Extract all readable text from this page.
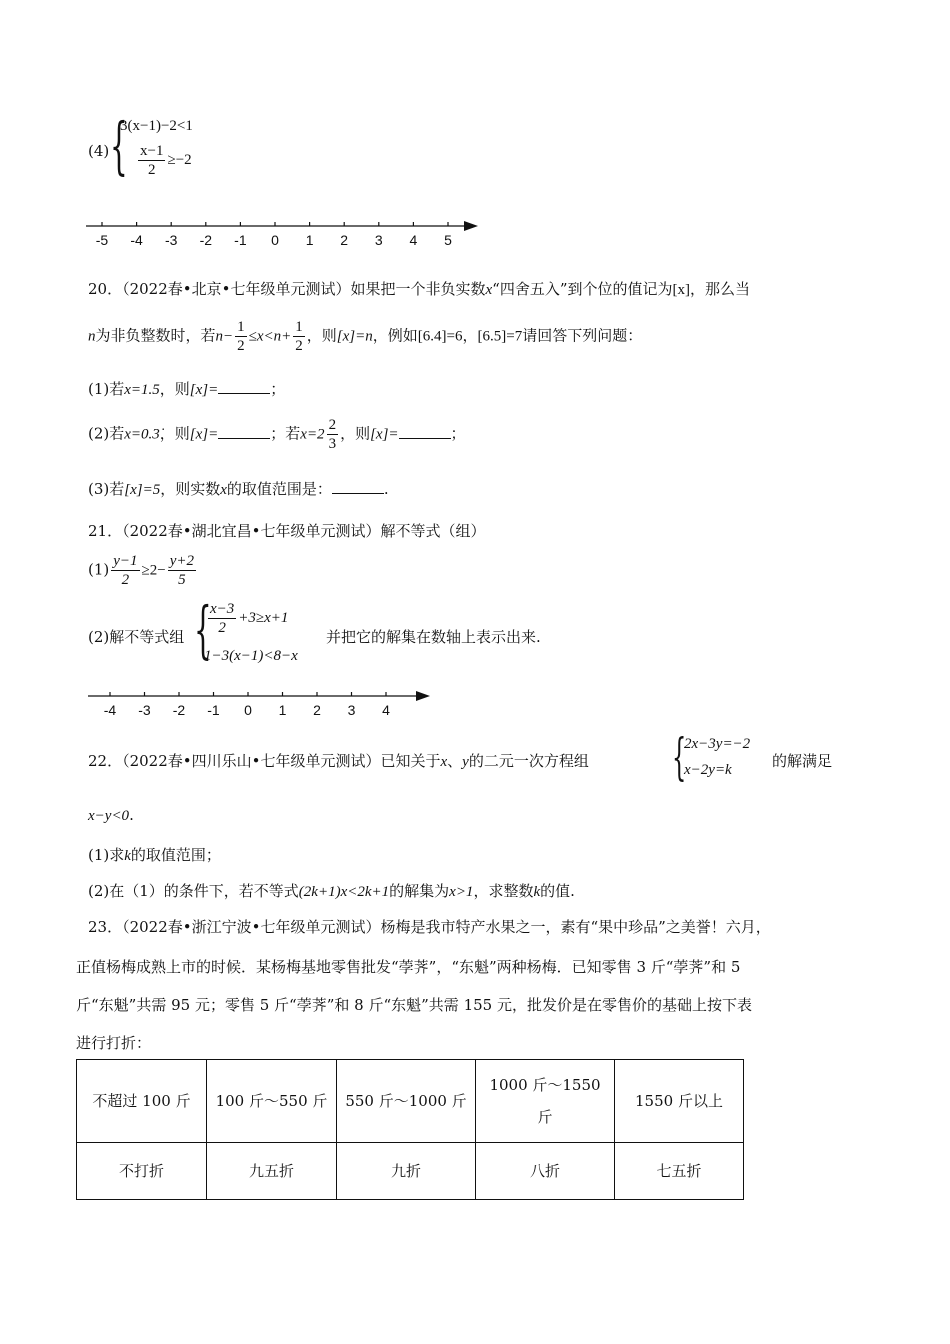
(4) {
3(x−1)−2<1
$\frac{x-1}{2} \ge-2$
-5 -4 -3 -2 -1 0 1 2 3 4 5
20．（2022春•北京•七年级单元测试）如果把一个非负实数x“四舍五入”到个位的值记为[x]，那么当
n为非负整数时，若$n- \frac{1}{2} \le x<n+ \frac{1}{2}$ ，则[x]=n，例如[6.4]=6，[6.5]=7请回答下列问题：
(1)若x=1.5，则[x]=	；
(2)若x=0.3̇，则[x]=	；若$x=2 \frac{2}{3}$ ，则[x]=	；
(3)若[x]=5，则实数x的取值范围是：	.
21．（2022春•湖北宜昌•七年级单元测试）解不等式（组）
$(1) \frac{y-1}{2} \ge 2- \frac{y+2}{5}$
(2)解不等式组 {
$\frac{x-3}{2} +3\ge x+1$
1−3(x−1)<8−x
并把它的解集在数轴上表示出来.
-4 -3 -2 -1 0 1 2 3 4
22．（2022春•四川乐山•七年级单元测试）已知关于x、y的二元一次方程组 {
2x−3y=−2
x−2y=k	的解满足
x−y<0.
(1)求k的取值范围；
(2)在（1）的条件下，若不等式(2k+1)x<2k+1的解集为x>1，求整数k的值.
23．（2022春•浙江宁波•七年级单元测试）杨梅是我市特产水果之一，素有“果中珍品”之美誉！六月，
正值杨梅成熟上市的时候．某杨梅基地零售批发“荸荠”，“东魁”两种杨梅．已知零售 3 斤“荸荠”和 5
斤“东魁”共需 95 元；零售 5 斤“荸荠”和 8 斤“东魁”共需 155 元，批发价是在零售价的基础上按下表
进行打折：
不超过 100 斤	100 斤～550 斤	550 斤～1000 斤	1000 斤～1550 斤	1550 斤以上
不打折	九五折	九折	八折	七五折
